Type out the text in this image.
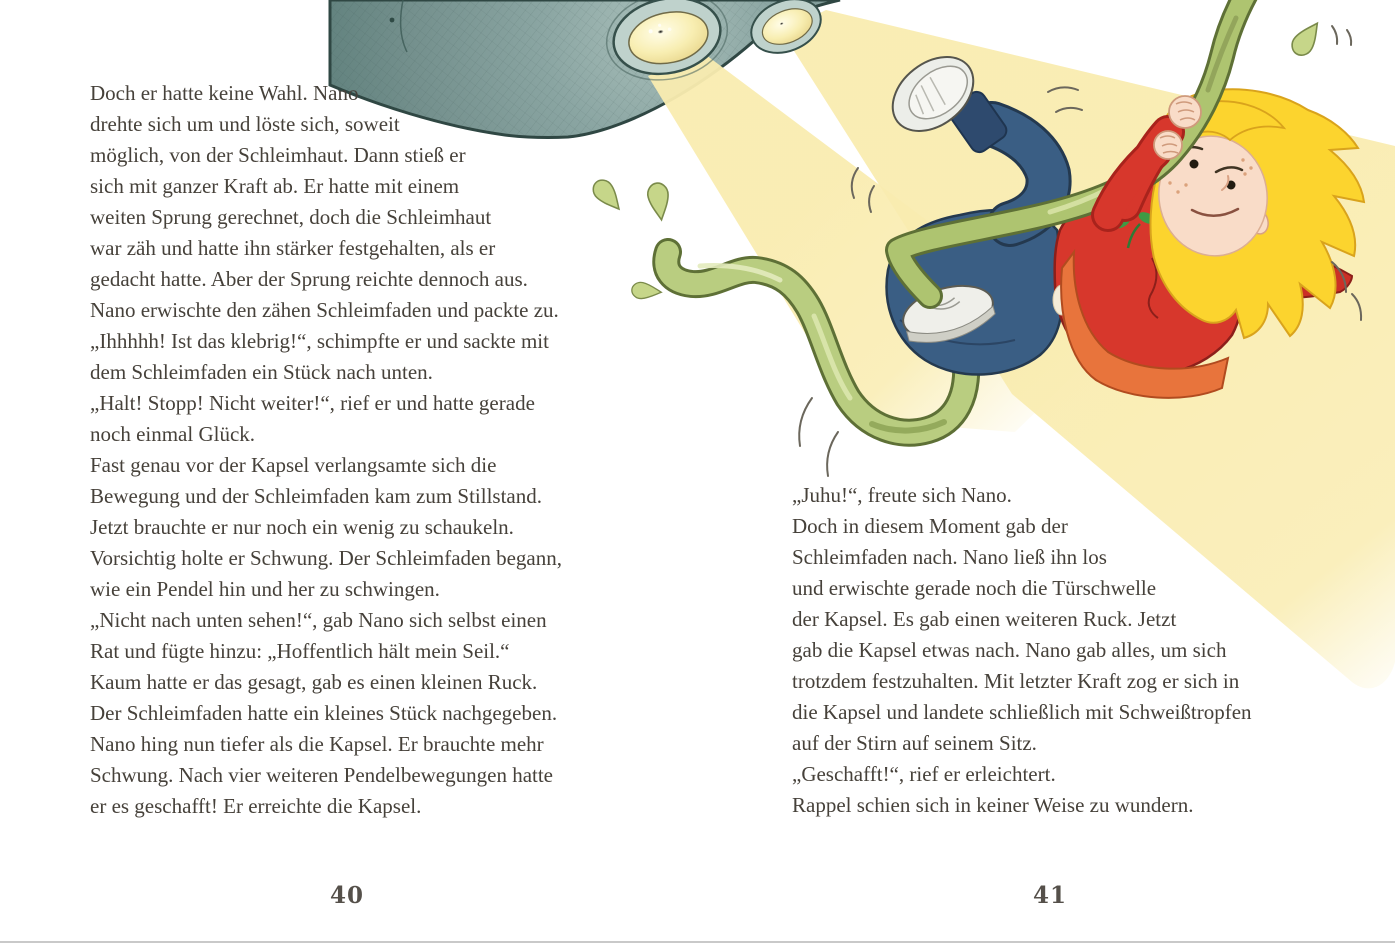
Doch er hatte keine Wahl. Nano
drehte sich um und löste sich, soweit
möglich, von der Schleimhaut. Dann stieß er
sich mit ganzer Kraft ab. Er hatte mit einem
weiten Sprung gerechnet, doch die Schleimhaut
war zäh und hatte ihn stärker festgehalten, als er
gedacht hatte. Aber der Sprung reichte dennoch aus.
Nano erwischte den zähen Schleimfaden und packte zu.
„Ihhhhh! Ist das klebrig!“, schimpfte er und sackte mit
dem Schleimfaden ein Stück nach unten.
„Halt! Stopp! Nicht weiter!“, rief er und hatte gerade
noch einmal Glück.
Fast genau vor der Kapsel verlangsamte sich die
Bewegung und der Schleimfaden kam zum Stillstand.
Jetzt brauchte er nur noch ein wenig zu schaukeln.
Vorsichtig holte er Schwung. Der Schleimfaden begann,
wie ein Pendel hin und her zu schwingen.
„Nicht nach unten sehen!“, gab Nano sich selbst einen
Rat und fügte hinzu: „Hoffentlich hält mein Seil.“
Kaum hatte er das gesagt, gab es einen kleinen Ruck.
Der Schleimfaden hatte ein kleines Stück nachgegeben.
Nano hing nun tiefer als die Kapsel. Er brauchte mehr
Schwung. Nach vier weiteren Pendelbewegungen hatte
er es geschafft! Er erreichte die Kapsel.
„Juhu!“, freute sich Nano.
Doch in diesem Moment gab der
Schleimfaden nach. Nano ließ ihn los
und erwischte gerade noch die Türschwelle
der Kapsel. Es gab einen weiteren Ruck. Jetzt
gab die Kapsel etwas nach. Nano gab alles, um sich
trotzdem festzuhalten. Mit letzter Kraft zog er sich in
die Kapsel und landete schließlich mit Schweißtropfen
auf der Stirn auf seinem Sitz.
„Geschafft!“, rief er erleichtert.
Rappel schien sich in keiner Weise zu wundern.
40	41
